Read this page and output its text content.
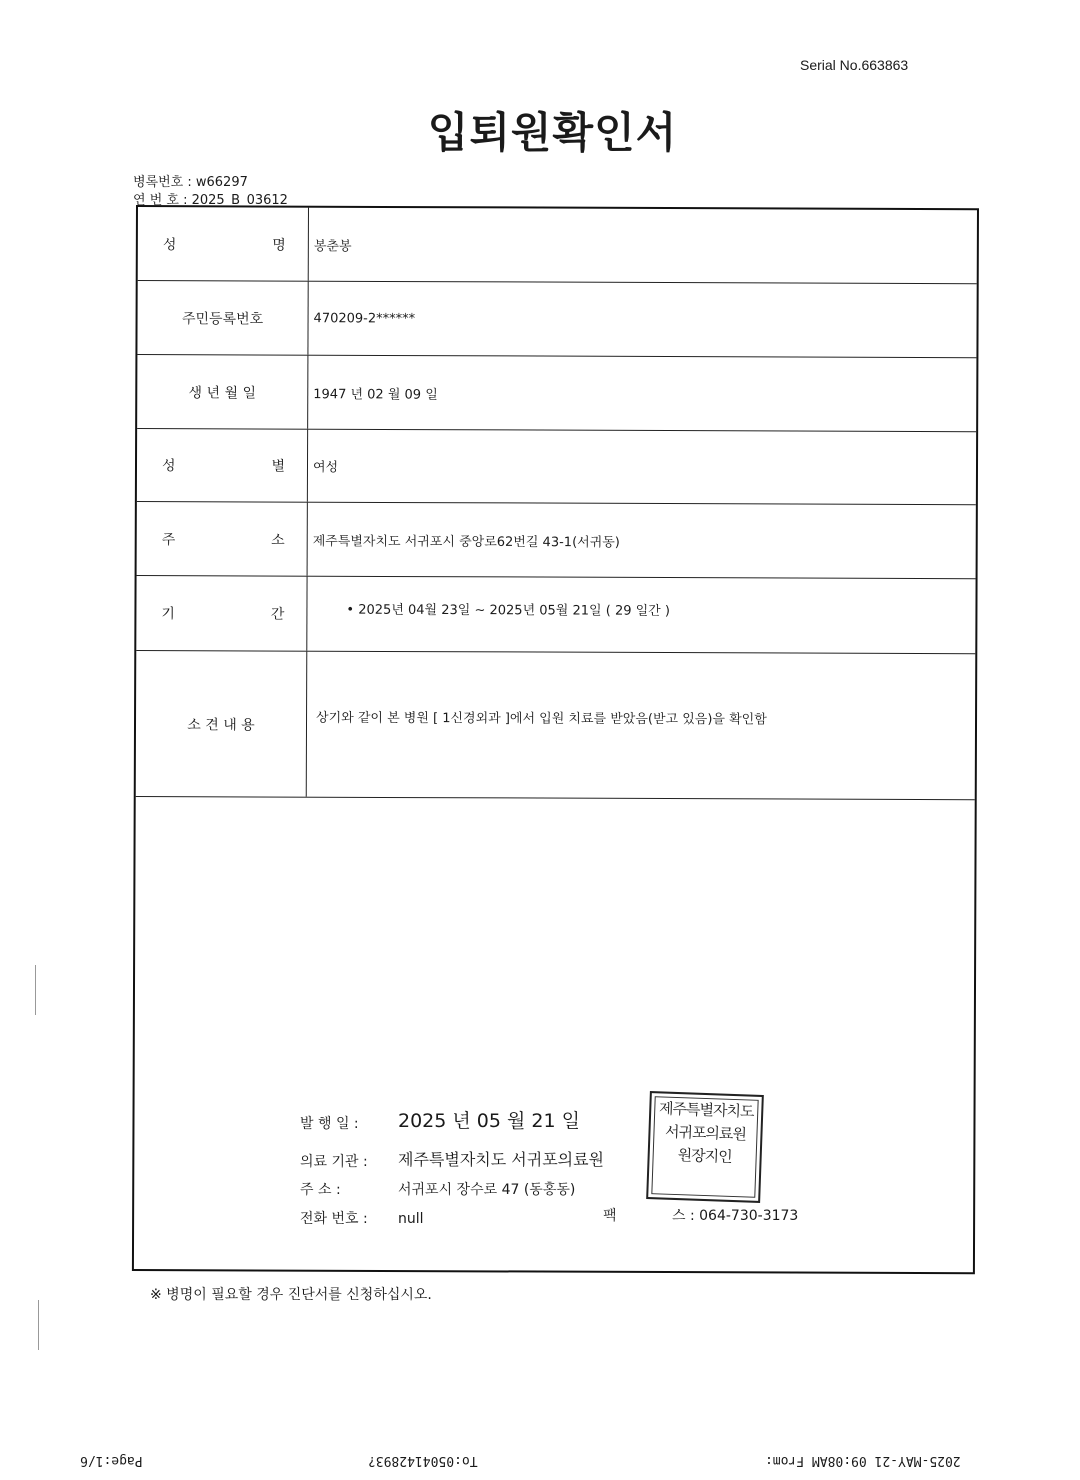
Serial No.663863
입퇴원확인서
병록번호 : w66297
연 번 호 : 2025_B_03612
성	명 봉춘봉
주민등록번호	470209-2******
생 년 월 일	1947 년 02 월 09 일
성	별 여성
주	소 제주특별자치도 서귀포시 중앙로62번길 43-1(서귀동)
기	간	• 2025년 04월 23일 ~ 2025년 05월 21일 ( 29 일간 )
소 견 내 용	상기와 같이 본 병원 [ 1신경외과 ]에서 입원 치료를 받았음(받고 있음)을 확인함
발 행 일 : 2025 년 05 월 21 일
의료 기관 : 제주특별자치도 서귀포의료원
주 소 :	서귀포시 장수로 47 (동홍동)
전화 번호 : null	팩	스 : 064-730-3173
제주특별자치도
서귀포의료원
원장지인
※ 병명이 필요할 경우 진단서를 신청하십시오.
Page:1/6	To:0504142893?	2025-MAY-21 09:08AM From:
